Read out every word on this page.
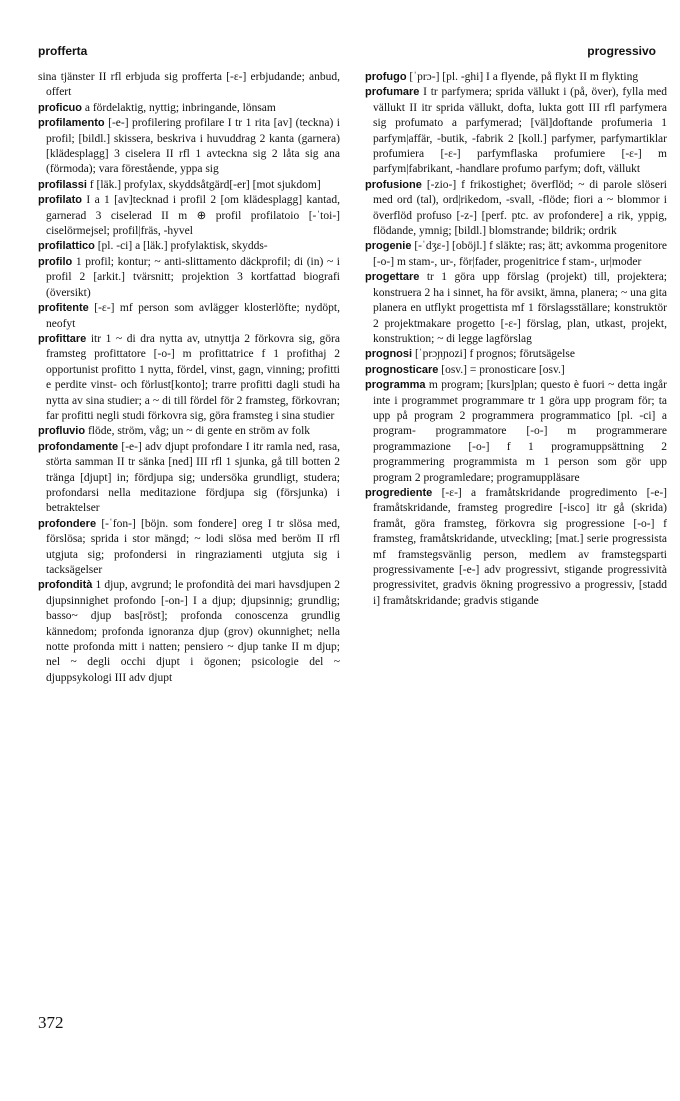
profferta	progressivo

sina tjänster II rfl erbjuda sig profferta [-ɛ-] erbjudande; anbud, offert

proficuo a fördelaktig, nyttig; inbringande, lönsam

profilamento [-e-] profilering profilare I tr 1 rita [av] (teckna) i profil; [bildl.] skissera, beskriva i huvuddrag 2 kanta (garnera) [klädesplagg] 3 ciselera II rfl 1 avteckna sig 2 låta sig ana (förmoda); vara förestående, yppa sig

profilassi f [läk.] profylax, skyddsåtgärd[-er] [mot sjukdom]

profilato I a 1 [av]tecknad i profil 2 [om klädesplagg] kantad, garnerad 3 ciselerad II m ⊕ profil profilatoio [-ˈtoi-] ciselörmejsel; profil|fräs, -hyvel

profilattico [pl. -ci] a [läk.] profylaktisk, skydds-

profilo 1 profil; kontur; ~ anti-slittamento däckprofil; di (in) ~ i profil 2 [arkit.] tvärsnitt; projektion 3 kortfattad biografi (översikt)

profitente [-ɛ-] mf person som avlägger klosterlöfte; nydöpt, neofyt

profittare itr 1 ~ di dra nytta av, utnyttja 2 förkovra sig, göra framsteg profittatore [-o-] m profittatrice f 1 profithaj 2 opportunist profitto 1 nytta, fördel, vinst, gagn, vinning; profitti e perdite vinst- och förlust[konto]; trarre profitti dagli studi ha nytta av sina studier; a ~ di till fördel för 2 framsteg, förkovran; far profitti negli studi förkovra sig, göra framsteg i sina studier

profluvio flöde, ström, våg; un ~ di gente en ström av folk

profondamente [-e-] adv djupt profondare I itr ramla ned, rasa, störta samman II tr sänka [ned] III rfl 1 sjunka, gå till botten 2 tränga [djupt] in; fördjupa sig; undersöka grundligt, studera; profondarsi nella meditazione fördjupa sig (försjunka) i betraktelser

profondere [-ˈfon-] [böjn. som fondere] oreg I tr slösa med, förslösa; sprida i stor mängd; ~ lodi slösa med beröm II rfl utgjuta sig; profondersi in ringraziamenti utgjuta sig i tacksägelser

profondità 1 djup, avgrund; le profondità dei mari havsdjupen 2 djupsinnighet profondo [-on-] I a djup; djupsinnig; grundlig; basso~ djup bas[röst]; profonda conoscenza grundlig kännedom; profonda ignoranza djup (grov) okunnighet; nella notte profonda mitt i natten; pensiero ~ djup tanke II m djup; nel ~ degli occhi djupt i ögonen; psicologie del ~ djuppsykologi III adv djupt

profugo [ˈprɔ-] [pl. -ghi] I a flyende, på flykt II m flykting

profumare I tr parfymera; sprida vällukt i (på, över), fylla med vällukt II itr sprida vällukt, dofta, lukta gott III rfl parfymera sig profumato a parfymerad; [väl]doftande profumeria 1 parfym|affär, -butik, -fabrik 2 [koll.] parfymer, parfymartiklar profumiera [-ɛ-] parfymflaska profumiere [-ɛ-] m parfym|fabrikant, -handlare profumo parfym; doft, vällukt

profusione [-zio-] f frikostighet; överflöd; ~ di parole slöseri med ord (tal), ord|rikedom, -svall, -flöde; fiori a ~ blommor i överflöd profuso [-z-] [perf. ptc. av profondere] a rik, yppig, flödande, ymnig; [bildl.] blomstrande; bildrik; ordrik

progenie [-ˈdʒɛ-] [oböjl.] f släkte; ras; ätt; avkomma progenitore [-o-] m stam-, ur-, för|fader, progenitrice f stam-, ur|moder

progettare tr 1 göra upp förslag (projekt) till, projektera; konstruera 2 ha i sinnet, ha för avsikt, ämna, planera; ~ una gita planera en utflykt progettista mf 1 förslagsställare; konstruktör 2 projektmakare progetto [-ɛ-] förslag, plan, utkast, projekt, konstruktion; ~ di legge lagförslag

prognosi [ˈprɔɲɲozi] f prognos; förutsägelse

prognosticare [osv.] = pronosticare [osv.]

programma m program; [kurs]plan; questo è fuori ~ detta ingår inte i programmet programmare tr 1 göra upp program för; ta upp på program 2 programmera programmatico [pl. -ci] a program- programmatore [-o-] m programmerare programmazione [-o-] f 1 programuppsättning 2 programmering programmista m 1 person som gör upp program 2 programledare; programuppläsare

progrediente [-ɛ-] a framåtskridande progredimento [-e-] framåtskridande, framsteg progredire [-isco] itr gå (skrida) framåt, göra framsteg, förkovra sig progressione [-o-] f framsteg, framåtskridande, utveckling; [mat.] serie progressista mf framstegsvänlig person, medlem av framstegsparti progressivamente [-e-] adv progressivt, stigande progressività progressivitet, gradvis ökning progressivo a progressiv, [stadd i] framåtskridande; gradvis stigande

372
